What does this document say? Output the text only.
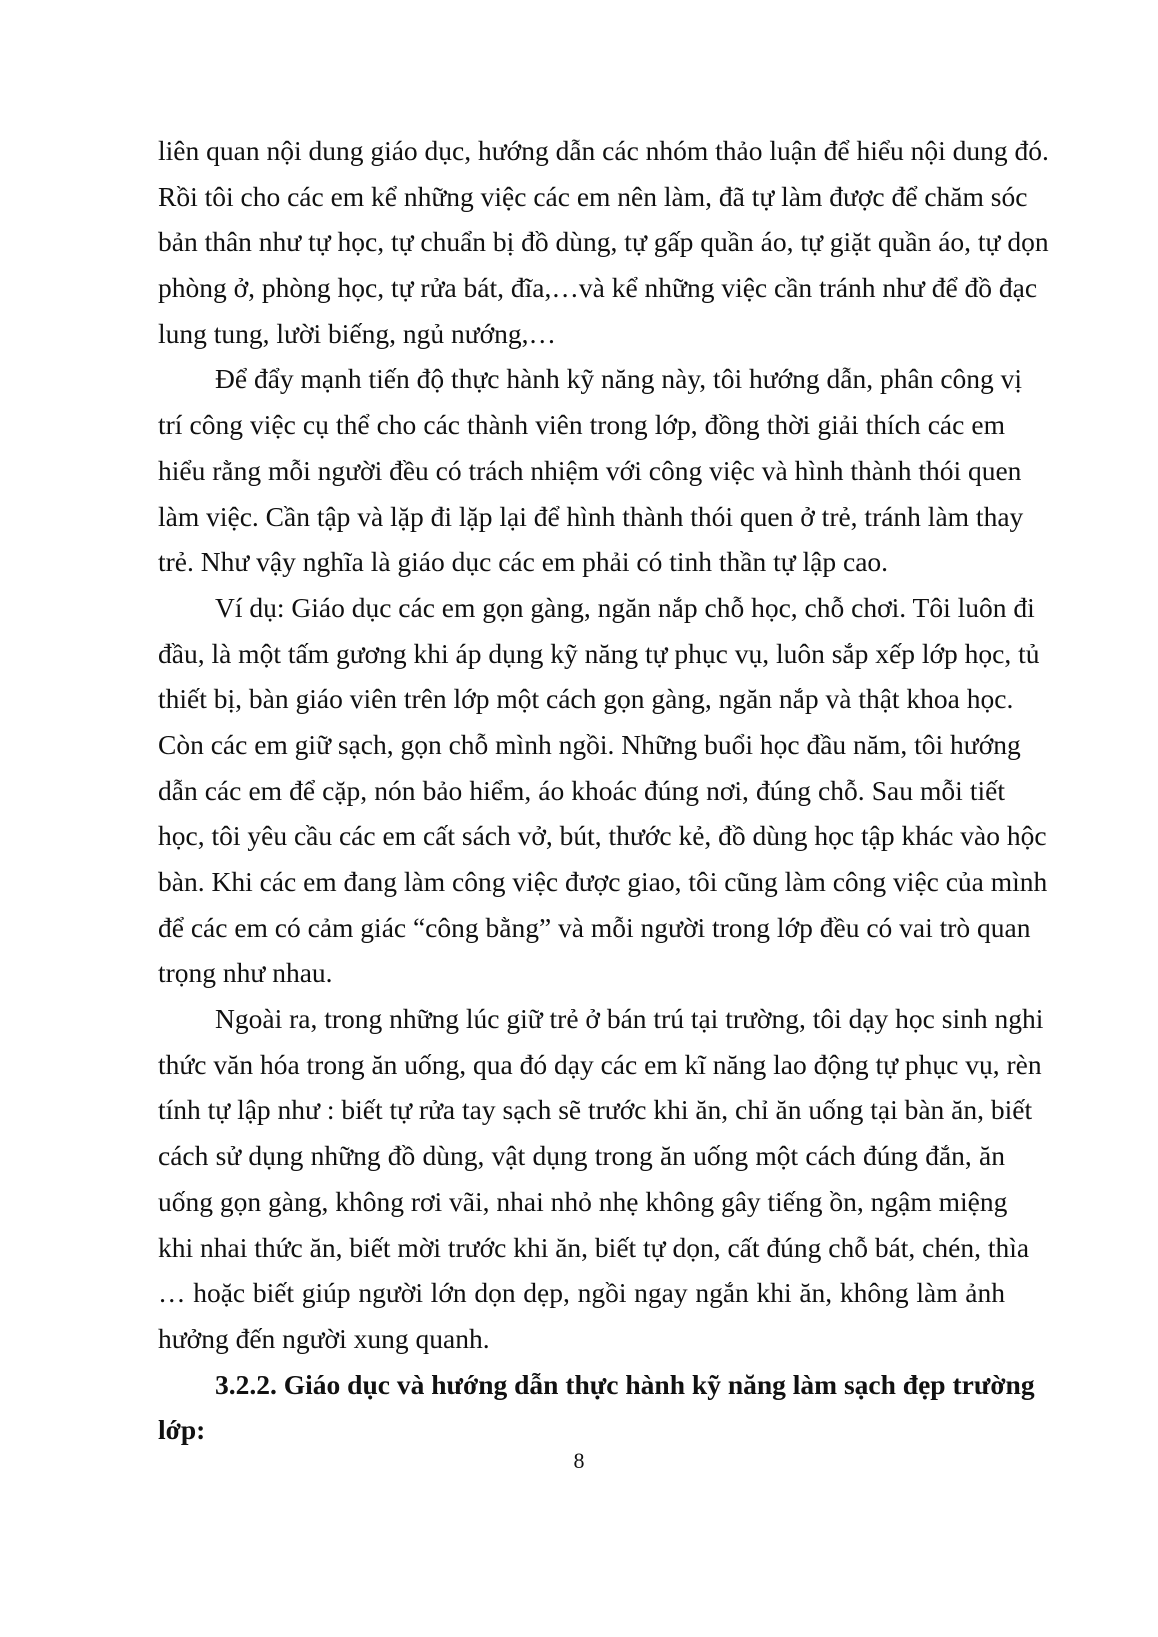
liên quan nội dung giáo dục, hướng dẫn các nhóm thảo luận để hiểu nội dung đó.
Rồi tôi cho các em kể những việc các em nên làm, đã tự làm được để chăm sóc
bản thân như tự học, tự chuẩn bị đồ dùng, tự gấp quần áo, tự giặt quần áo, tự dọn
phòng ở, phòng học, tự rửa bát, đĩa,…và kể những việc cần tránh như để đồ đạc
lung tung, lười biếng, ngủ nướng,…
Để đẩy mạnh tiến độ thực hành kỹ năng này, tôi hướng dẫn, phân công vị
trí công việc cụ thể cho các thành viên trong lớp, đồng thời giải thích các em
hiểu rằng mỗi người đều có trách nhiệm với công việc và hình thành thói quen
làm việc. Cần tập và lặp đi lặp lại để hình thành thói quen ở trẻ, tránh làm thay
trẻ. Như vậy nghĩa là giáo dục các em phải có tinh thần tự lập cao.
Ví dụ: Giáo dục các em gọn gàng, ngăn nắp chỗ học, chỗ chơi. Tôi luôn đi
đầu, là một tấm gương khi áp dụng kỹ năng tự phục vụ, luôn sắp xếp lớp học, tủ
thiết bị, bàn giáo viên trên lớp một cách gọn gàng, ngăn nắp và thật khoa học.
Còn các em giữ sạch, gọn chỗ mình ngồi. Những buổi học đầu năm, tôi hướng
dẫn các em để cặp, nón bảo hiểm, áo khoác đúng nơi, đúng chỗ. Sau mỗi tiết
học, tôi yêu cầu các em cất sách vở, bút, thước kẻ, đồ dùng học tập khác vào hộc
bàn. Khi các em đang làm công việc được giao, tôi cũng làm công việc của mình
để các em có cảm giác “công bằng” và mỗi người trong lớp đều có vai trò quan
trọng như nhau.
Ngoài ra, trong những lúc giữ trẻ ở bán trú tại trường, tôi dạy học sinh nghi
thức văn hóa trong ăn uống, qua đó dạy các em kĩ năng lao động tự phục vụ, rèn
tính tự lập như : biết tự rửa tay sạch sẽ trước khi ăn, chỉ ăn uống tại bàn ăn, biết
cách sử dụng những đồ dùng, vật dụng trong ăn uống một cách đúng đắn, ăn
uống gọn gàng, không rơi vãi, nhai nhỏ nhẹ không gây tiếng ồn, ngậm miệng
khi nhai thức ăn, biết mời trước khi ăn, biết tự dọn, cất đúng chỗ bát, chén, thìa
… hoặc biết giúp người lớn dọn dẹp, ngồi ngay ngắn khi ăn, không làm ảnh
hưởng đến người xung quanh.
3.2.2. Giáo dục và hướng dẫn thực hành kỹ năng làm sạch đẹp trường
lớp:
8
